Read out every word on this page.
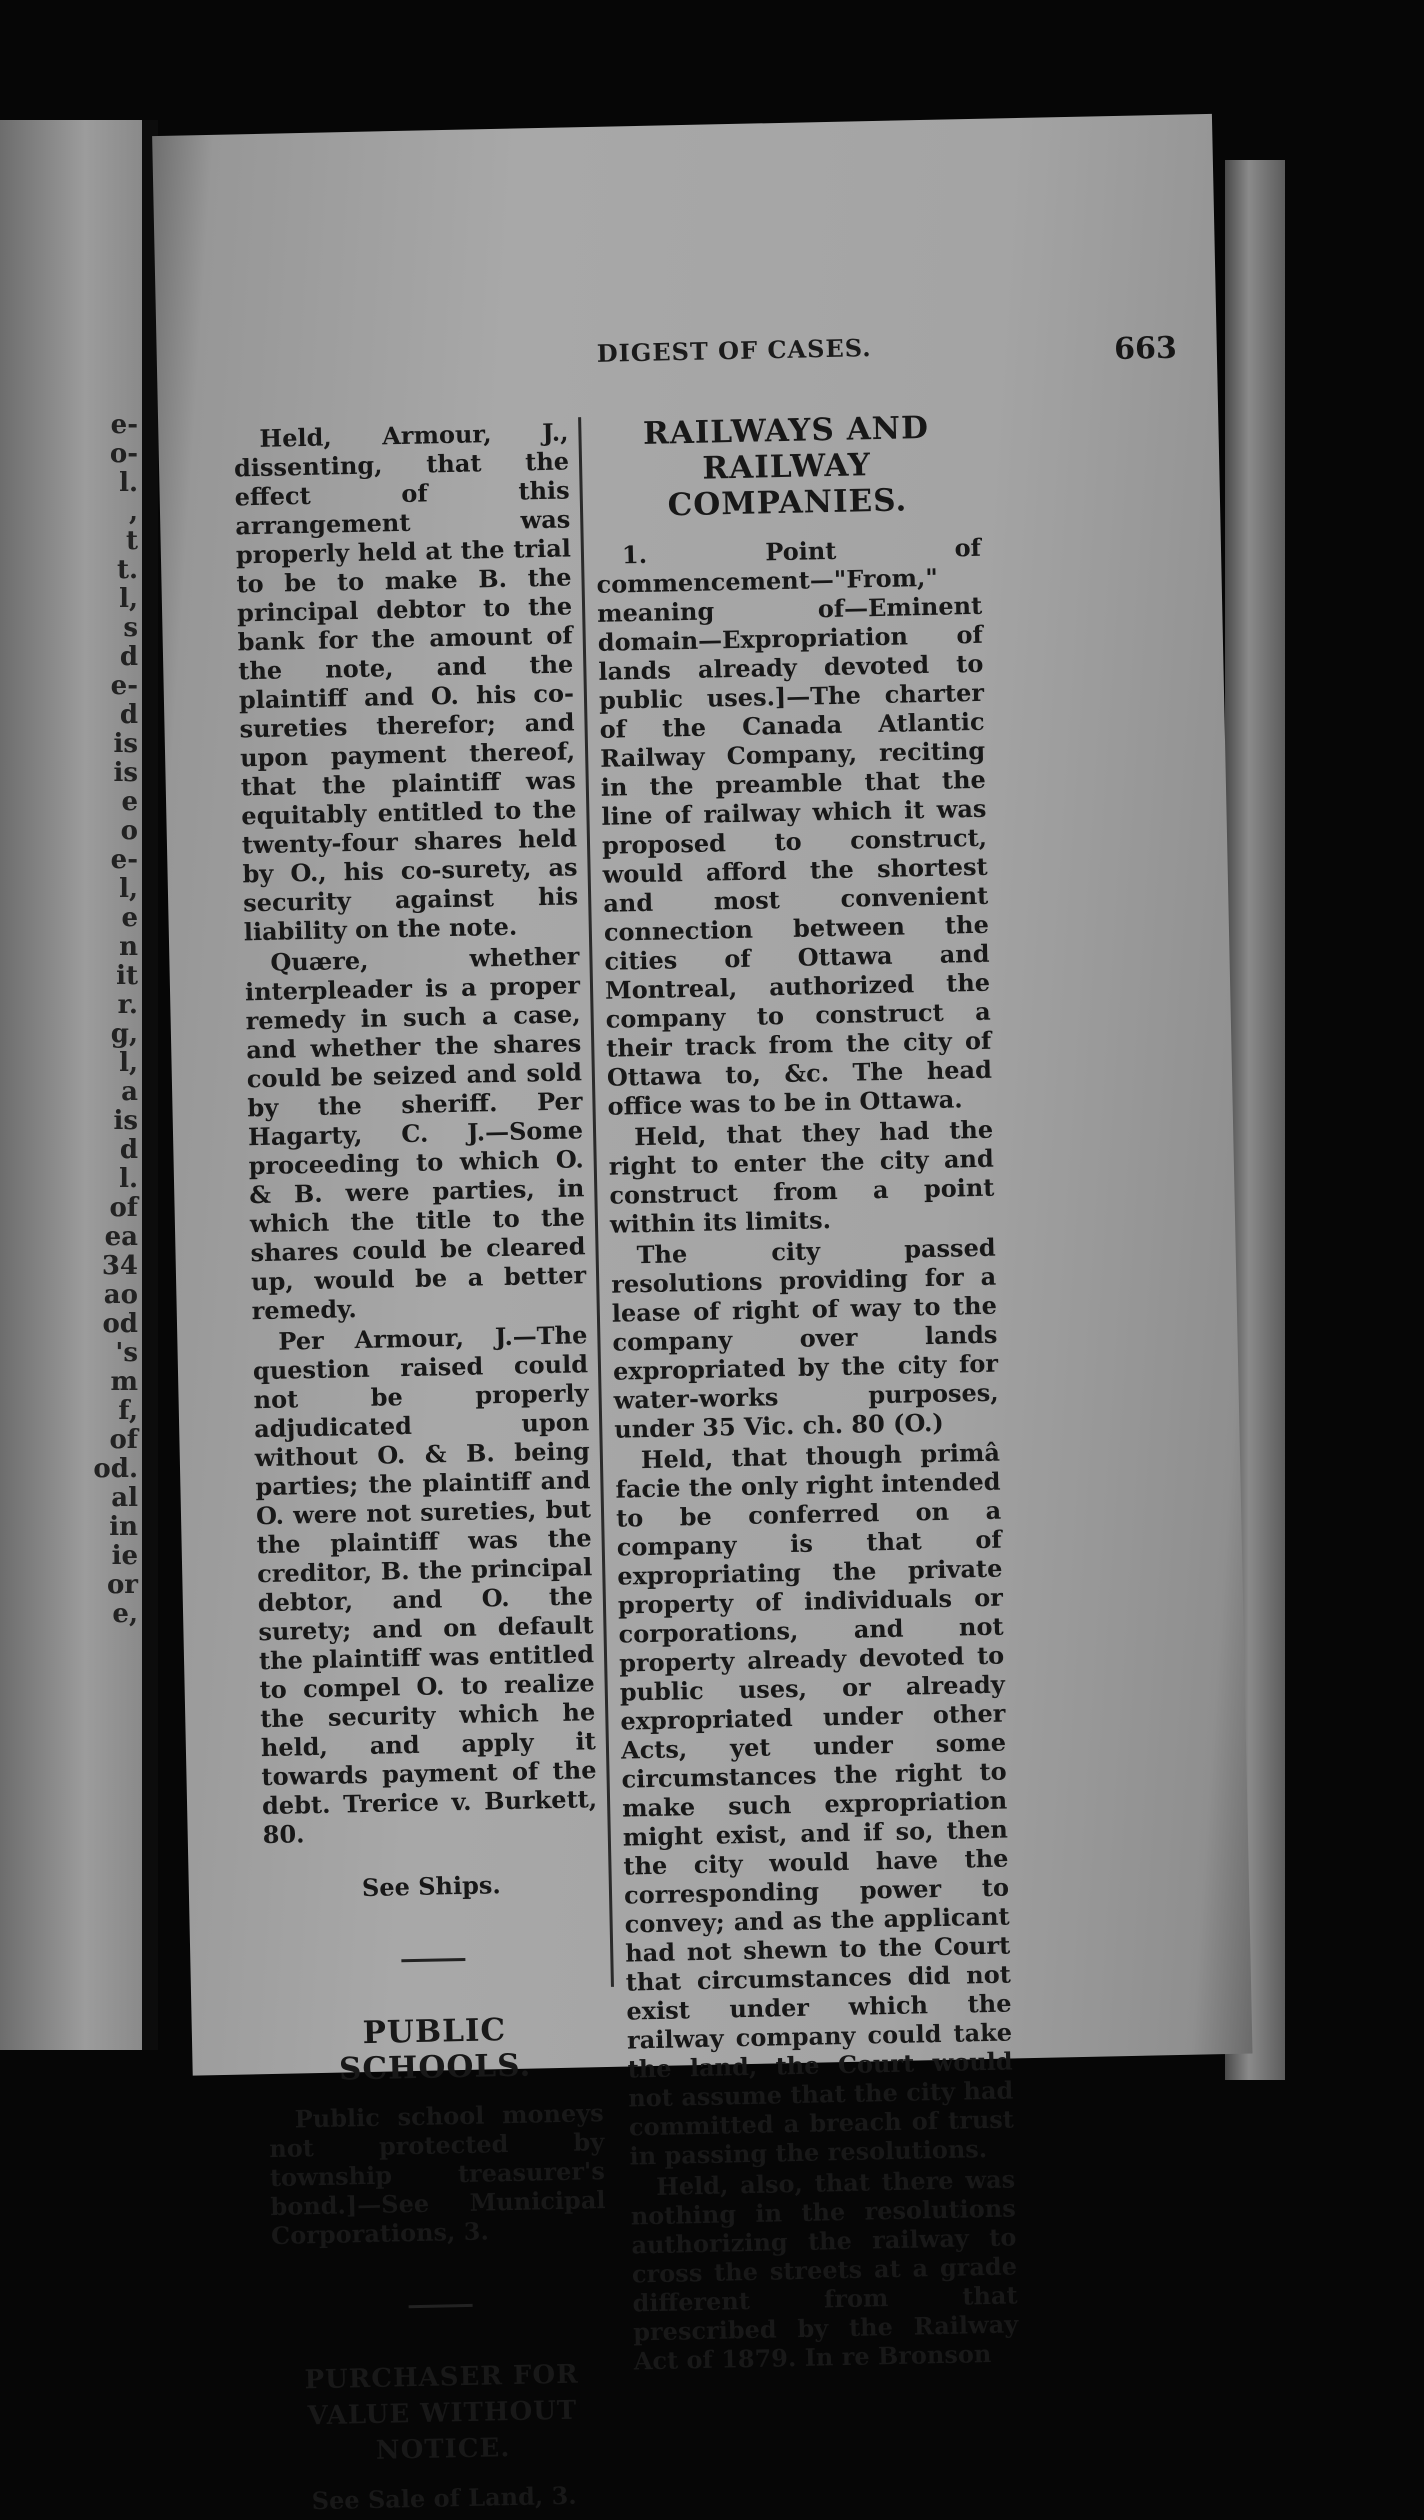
e-
o-
l.
,
t
t.
l,
s
d
e-
d
is
is
e
o
e-
l,
e
n
it
r.
g,
l,
a
is
d
l.
of
ea
34
ao
od
's
m
f,
of
od.
al
in
ie
or
e,
DIGEST OF CASES.	663

Held, Armour, J., dissenting, that the effect of this arrangement was properly held at the trial to be to make B. the principal debtor to the bank for the amount of the note, and the plaintiff and O. his co-sureties therefor; and upon payment thereof, that the plaintiff was equitably entitled to the twenty-four shares held by O., his co-surety, as security against his liability on the note.

Quære, whether interpleader is a proper remedy in such a case, and whether the shares could be seized and sold by the sheriff. Per Hagarty, C. J.—Some proceeding to which O. & B. were parties, in which the title to the shares could be cleared up, would be a better remedy.

Per Armour, J.—The question raised could not be properly adjudicated upon without O. & B. being parties; the plaintiff and O. were not sureties, but the plaintiff was the creditor, B. the principal debtor, and O. the surety; and on default the plaintiff was entitled to compel O. to realize the security which he held, and apply it towards payment of the debt. Trerice v. Burkett, 80.

See Ships.

PUBLIC SCHOOLS.

Public school moneys not protected by township treasurer's bond.]—See Municipal Corporations, 3.

PURCHASER FOR VALUE WITHOUT NOTICE.

See Sale of Land, 3.

RAILWAYS AND RAILWAY COMPANIES.

1. Point of commencement—"From," meaning of—Eminent domain—Expropriation of lands already devoted to public uses.]—The charter of the Canada Atlantic Railway Company, reciting in the preamble that the line of railway which it was proposed to construct, would afford the shortest and most convenient connection between the cities of Ottawa and Montreal, authorized the company to construct a their track from the city of Ottawa to, &c. The head office was to be in Ottawa.

Held, that they had the right to enter the city and construct from a point within its limits.

The city passed resolutions providing for a lease of right of way to the company over lands expropriated by the city for water-works purposes, under 35 Vic. ch. 80 (O.)

Held, that though primâ facie the only right intended to be conferred on a company is that of expropriating the private property of individuals or corporations, and not property already devoted to public uses, or already expropriated under other Acts, yet under some circumstances the right to make such expropriation might exist, and if so, then the city would have the corresponding power to convey; and as the applicant had not shewn to the Court that circumstances did not exist under which the railway company could take the land, the Court would not assume that the city had committed a breach of trust in passing the resolutions.

Held, also, that there was nothing in the resolutions authorizing the railway to cross the streets at a grade different from that prescribed by the Railway Act of 1879. In re Bronson
